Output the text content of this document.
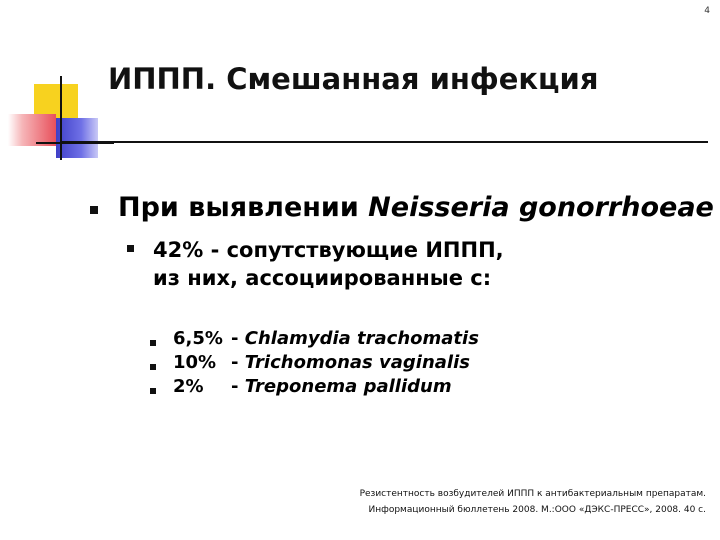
4
ИППП. Смешанная инфекция
При выявлении Neisseria gonorrhoeae
42% - сопутствующие ИППП,
из них, ассоциированные с:
6,5% - Chlamydia trachomatis
10% - Trichomonas vaginalis
2% - Treponema pallidum
Резистентность возбудителей ИППП к антибактериальным препаратам.
Информационный бюллетень 2008. М.:ООО «ДЭКС-ПРЕСС», 2008. 40 с.
